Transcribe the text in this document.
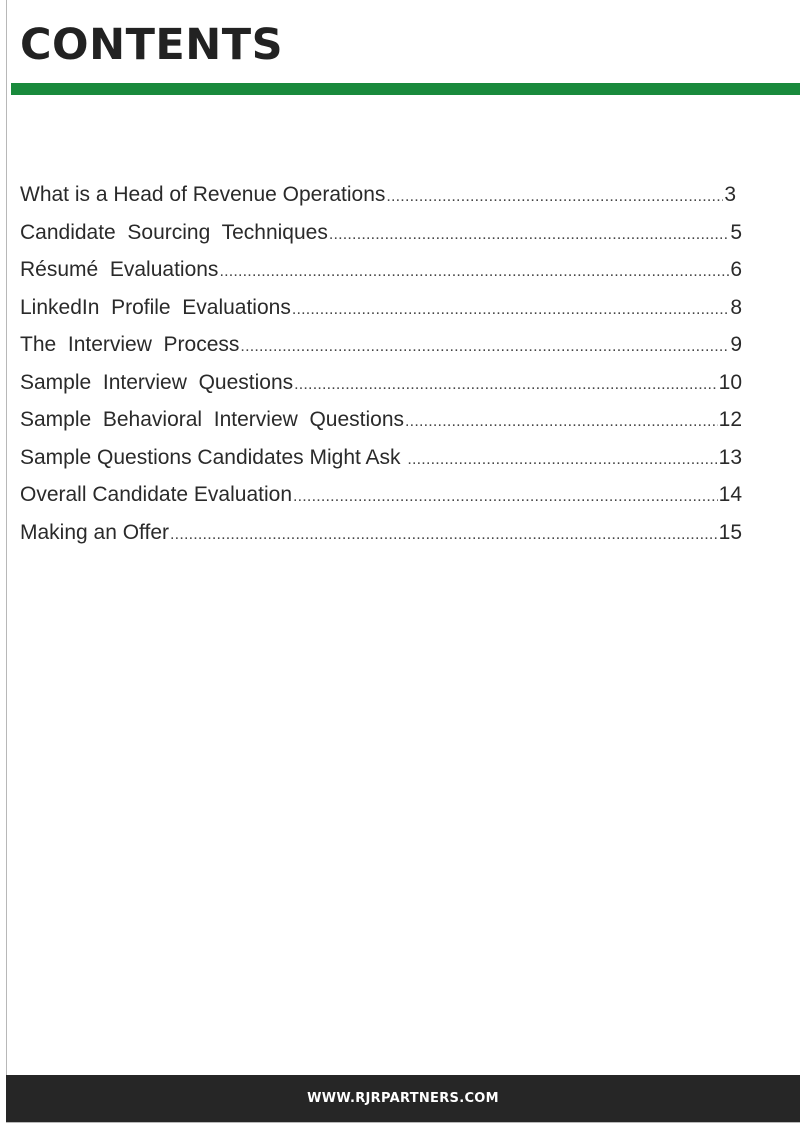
CONTENTS
What is a Head of Revenue Operations .....	3
Candidate  Sourcing  Techniques .....	5
Résumé  Evaluations .....	6
LinkedIn  Profile  Evaluations .....	8
The  Interview  Process .....	9
Sample  Interview  Questions .....	10
Sample  Behavioral  Interview  Questions .....	12
Sample Questions Candidates Might Ask .....	13
Overall Candidate Evaluation .....	14
Making an Offer .....	15
WWW.RJRPARTNERS.COM
